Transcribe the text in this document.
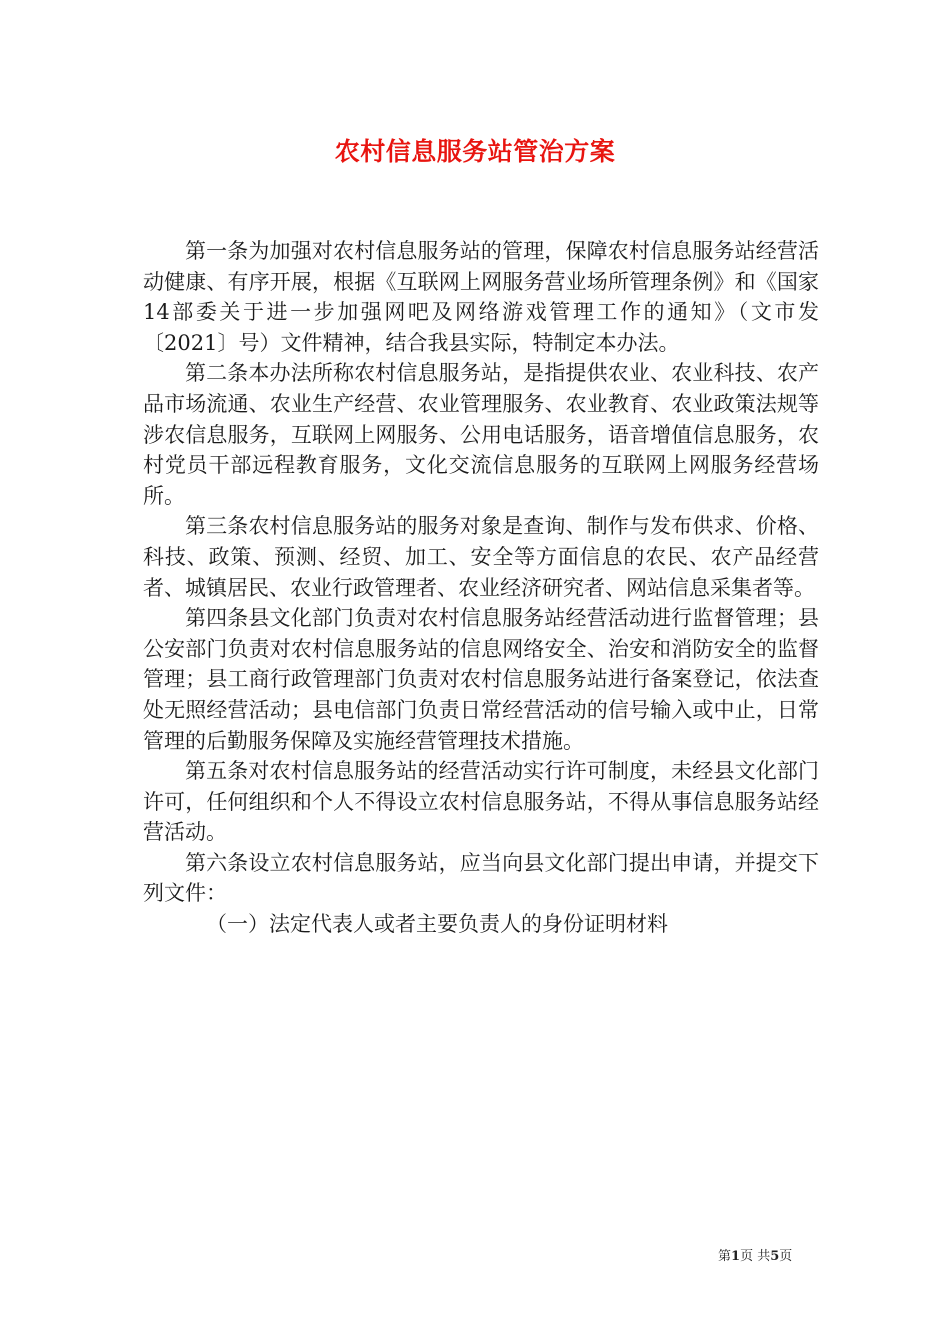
农村信息服务站管治方案

第一条为加强对农村信息服务站的管理，保障农村信息服务站经营活动健康、有序开展，根据《互联网上网服务营业场所管理条例》和《国家14部委关于进一步加强网吧及网络游戏管理工作的通知》（文市发〔2021〕号）文件精神，结合我县实际，特制定本办法。

第二条本办法所称农村信息服务站，是指提供农业、农业科技、农产品市场流通、农业生产经营、农业管理服务、农业教育、农业政策法规等涉农信息服务，互联网上网服务、公用电话服务，语音增值信息服务，农村党员干部远程教育服务，文化交流信息服务的互联网上网服务经营场所。

第三条农村信息服务站的服务对象是查询、制作与发布供求、价格、科技、政策、预测、经贸、加工、安全等方面信息的农民、农产品经营者、城镇居民、农业行政管理者、农业经济研究者、网站信息采集者等。

第四条县文化部门负责对农村信息服务站经营活动进行监督管理；县公安部门负责对农村信息服务站的信息网络安全、治安和消防安全的监督管理；县工商行政管理部门负责对农村信息服务站进行备案登记，依法查处无照经营活动；县电信部门负责日常经营活动的信号输入或中止，日常管理的后勤服务保障及实施经营管理技术措施。

第五条对农村信息服务站的经营活动实行许可制度，未经县文化部门许可，任何组织和个人不得设立农村信息服务站，不得从事信息服务站经营活动。

第六条设立农村信息服务站，应当向县文化部门提出申请，并提交下列文件：

（一）法定代表人或者主要负责人的身份证明材料

第1页 共5页
